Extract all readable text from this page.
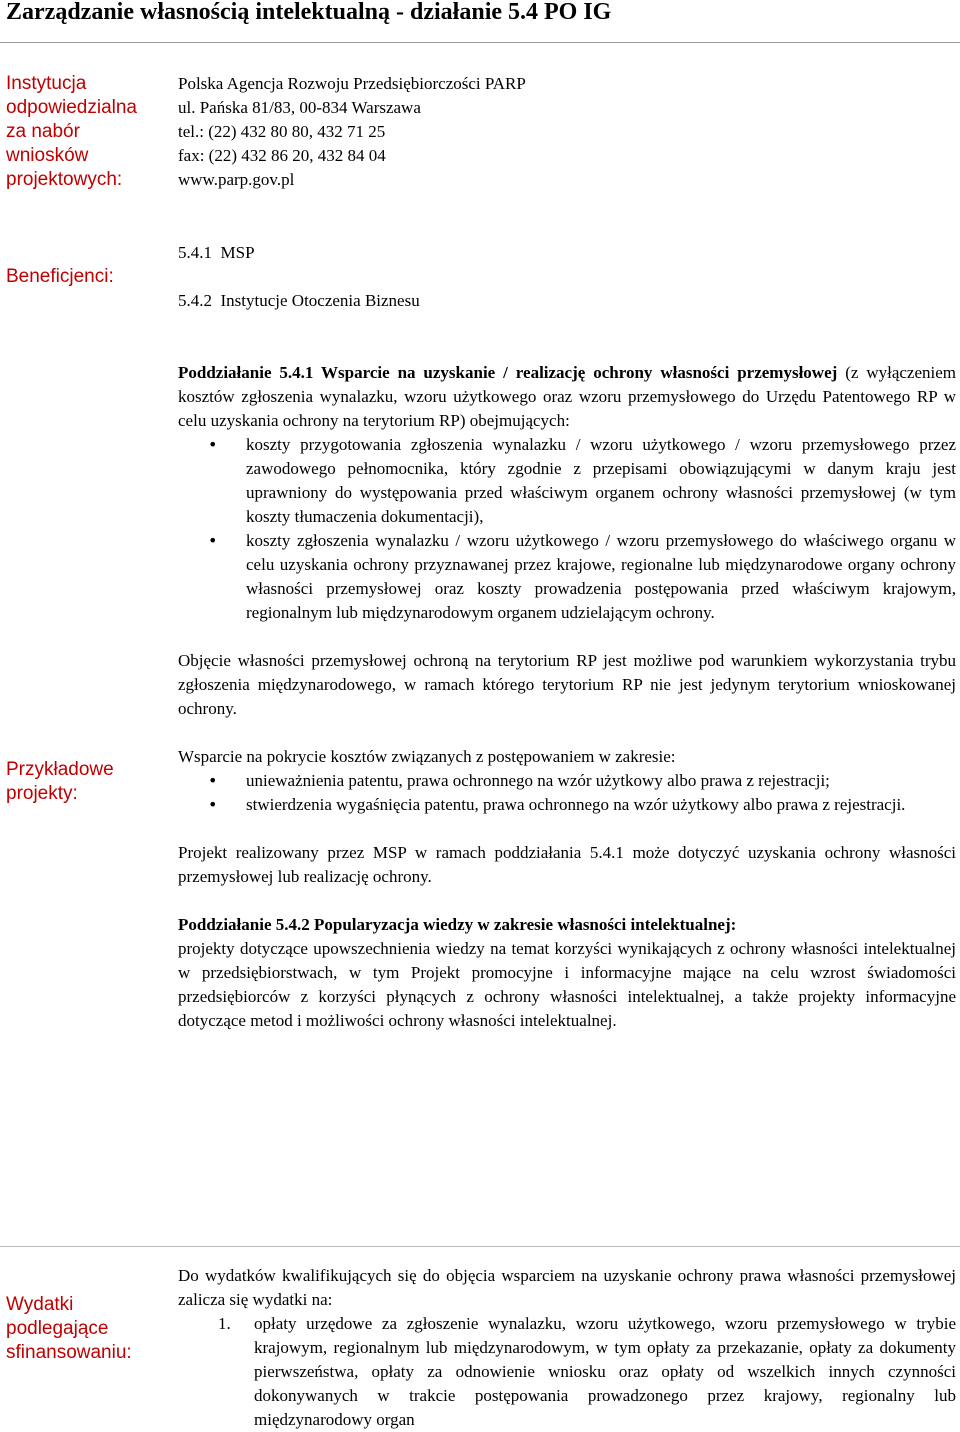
Zarządzanie własnością intelektualną - działanie 5.4 PO IG
Instytucja
odpowiedzialna
za nabór
wniosków
projektowych:
Polska Agencja Rozwoju Przedsiębiorczości PARP
ul. Pańska 81/83, 00-834 Warszawa
tel.: (22) 432 80 80, 432 71 25
fax: (22) 432 86 20, 432 84 04
www.parp.gov.pl
Beneficjenci:

5.4.1  MSP

5.4.2  Instytucje Otoczenia Biznesu

Przykładowe
projekty:

Poddziałanie 5.4.1 Wsparcie na uzyskanie / realizację ochrony własności przemysłowej (z wyłączeniem kosztów zgłoszenia wynalazku, wzoru użytkowego oraz wzoru przemysłowego do Urzędu Patentowego RP w celu uzyskania ochrony na terytorium RP) obejmujących:

• koszty przygotowania zgłoszenia wynalazku / wzoru użytkowego / wzoru przemysłowego przez zawodowego pełnomocnika, który zgodnie z przepisami obowiązującymi w danym kraju jest uprawniony do występowania przed właściwym organem ochrony własności przemysłowej (w tym koszty tłumaczenia dokumentacji),
• koszty zgłoszenia wynalazku / wzoru użytkowego / wzoru przemysłowego do właściwego organu w celu uzyskania ochrony przyznawanej przez krajowe, regionalne lub międzynarodowe organy ochrony własności przemysłowej oraz koszty prowadzenia postępowania przed właściwym krajowym, regionalnym lub międzynarodowym organem udzielającym ochrony.

Objęcie własności przemysłowej ochroną na terytorium RP jest możliwe pod warunkiem wykorzystania trybu zgłoszenia międzynarodowego, w ramach którego terytorium RP nie jest jedynym terytorium wnioskowanej ochrony.

Wsparcie na pokrycie kosztów związanych z postępowaniem w zakresie:

• unieważnienia patentu, prawa ochronnego na wzór użytkowy albo prawa z rejestracji;
• stwierdzenia wygaśnięcia patentu, prawa ochronnego na wzór użytkowy albo prawa z rejestracji.

Projekt realizowany przez MSP w ramach poddziałania 5.4.1 może dotyczyć uzyskania ochrony własności przemysłowej lub realizację ochrony.

Poddziałanie 5.4.2 Popularyzacja wiedzy w zakresie własności intelektualnej:

projekty dotyczące upowszechnienia wiedzy na temat korzyści wynikających z ochrony własności intelektualnej w przedsiębiorstwach, w tym Projekt promocyjne i informacyjne mające na celu wzrost świadomości przedsiębiorców z korzyści płynących z ochrony własności intelektualnej, a także projekty informacyjne dotyczące metod i możliwości ochrony własności intelektualnej.

Wydatki
podlegające
sfinansowaniu:

Do wydatków kwalifikujących się do objęcia wsparciem na uzyskanie ochrony prawa własności przemysłowej zalicza się wydatki na:

1. opłaty urzędowe za zgłoszenie wynalazku, wzoru użytkowego, wzoru przemysłowego w trybie krajowym, regionalnym lub międzynarodowym, w tym opłaty za przekazanie, opłaty za dokumenty pierwszeństwa, opłaty za odnowienie wniosku oraz opłaty od wszelkich innych czynności dokonywanych w trakcie postępowania prowadzonego przez krajowy, regionalny lub międzynarodowy organ
